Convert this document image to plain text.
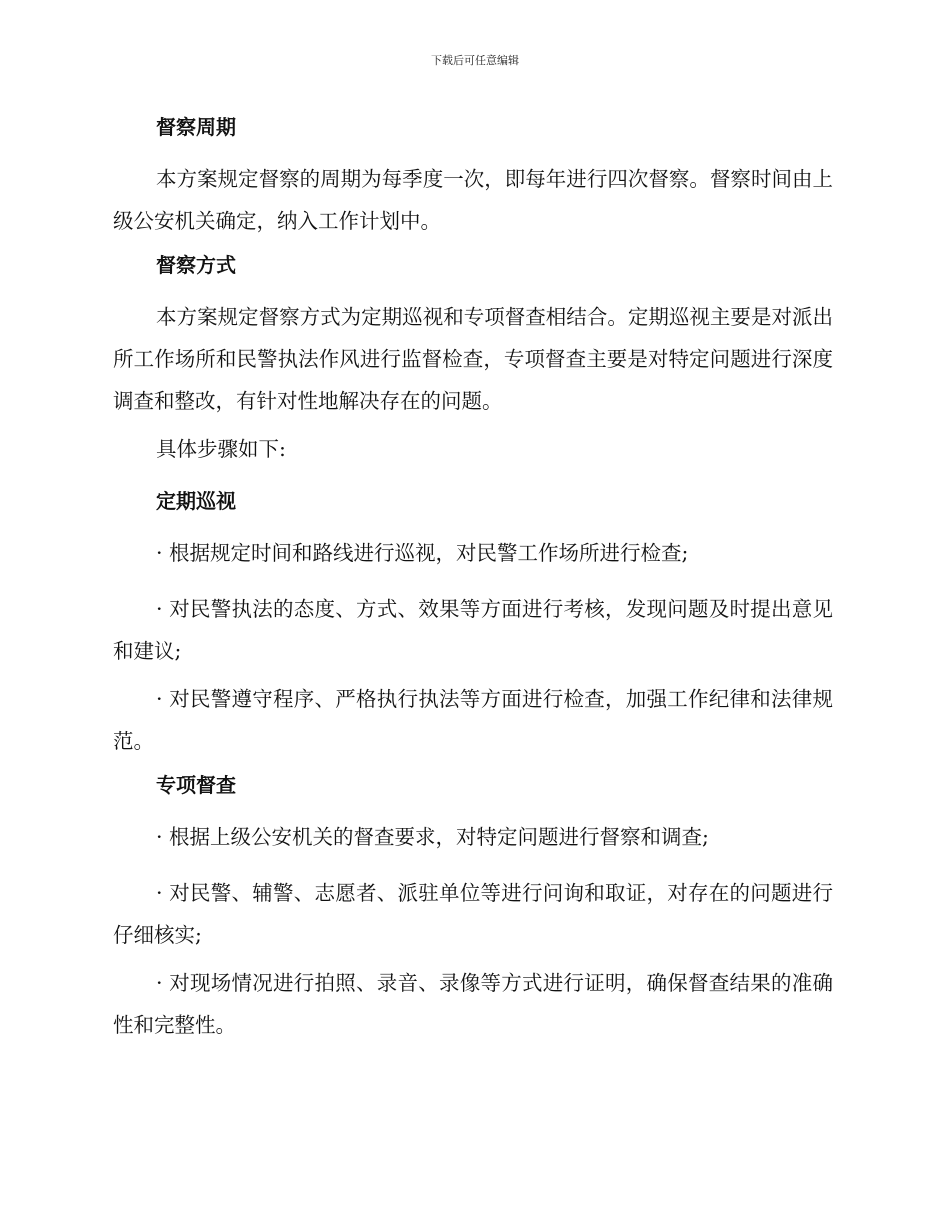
下载后可任意编辑
督察周期
本方案规定督察的周期为每季度一次，即每年进行四次督察。督察时间由上级公安机关确定，纳入工作计划中。
督察方式
本方案规定督察方式为定期巡视和专项督查相结合。定期巡视主要是对派出所工作场所和民警执法作风进行监督检查，专项督查主要是对特定问题进行深度调查和整改，有针对性地解决存在的问题。
具体步骤如下:
定期巡视
· 根据规定时间和路线进行巡视，对民警工作场所进行检查;
· 对民警执法的态度、方式、效果等方面进行考核，发现问题及时提出意见和建议;
· 对民警遵守程序、严格执行执法等方面进行检查，加强工作纪律和法律规范。
专项督查
· 根据上级公安机关的督查要求，对特定问题进行督察和调查;
· 对民警、辅警、志愿者、派驻单位等进行问询和取证，对存在的问题进行仔细核实;
· 对现场情况进行拍照、录音、录像等方式进行证明，确保督查结果的准确性和完整性。
